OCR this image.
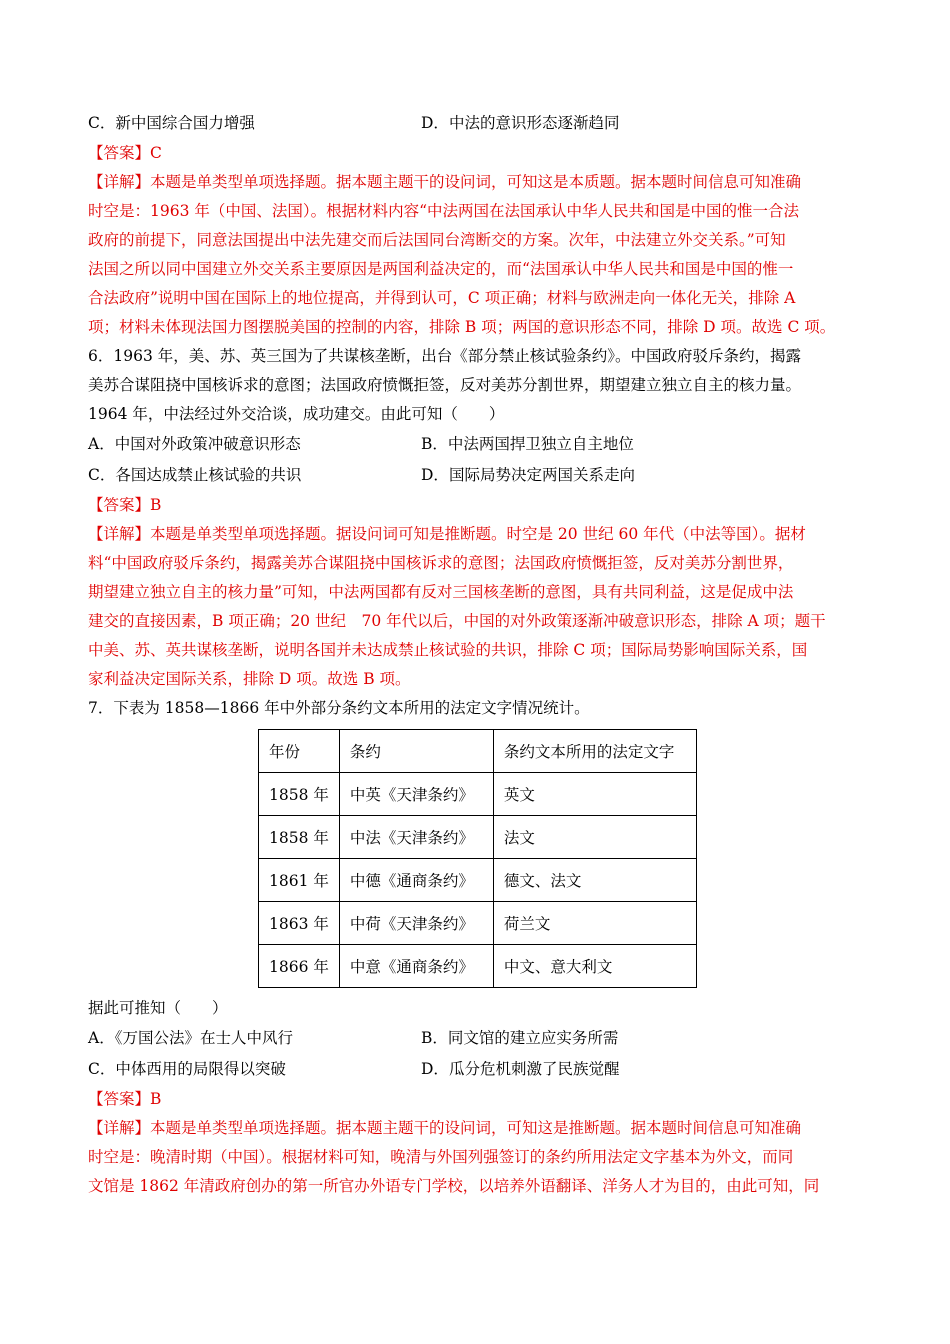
C．新中国综合国力增强	D．中法的意识形态逐渐趋同
【答案】C
【详解】本题是单类型单项选择题。据本题主题干的设问词，可知这是本质题。据本题时间信息可知准确
时空是：1963 年（中国、法国）。根据材料内容“中法两国在法国承认中华人民共和国是中国的惟一合法
政府的前提下，同意法国提出中法先建交而后法国同台湾断交的方案。次年，中法建立外交关系。”可知
法国之所以同中国建立外交关系主要原因是两国利益决定的，而“法国承认中华人民共和国是中国的惟一
合法政府”说明中国在国际上的地位提高，并得到认可，C 项正确；材料与欧洲走向一体化无关，排除 A
项；材料未体现法国力图摆脱美国的控制的内容，排除 B 项；两国的意识形态不同，排除 D 项。故选 C 项。
6．1963 年，美、苏、英三国为了共谋核垄断，出台《部分禁止核试验条约》。中国政府驳斥条约，揭露
美苏合谋阻挠中国核诉求的意图；法国政府愤慨拒签，反对美苏分割世界，期望建立独立自主的核力量。
1964 年，中法经过外交洽谈，成功建交。由此可知（　　）
A．中国对外政策冲破意识形态	B．中法两国捍卫独立自主地位
C．各国达成禁止核试验的共识	D．国际局势决定两国关系走向
【答案】B
【详解】本题是单类型单项选择题。据设问词可知是推断题。时空是 20 世纪 60 年代（中法等国）。据材
料“中国政府驳斥条约，揭露美苏合谋阻挠中国核诉求的意图；法国政府愤慨拒签，反对美苏分割世界，
期望建立独立自主的核力量”可知，中法两国都有反对三国核垄断的意图，具有共同利益，这是促成中法
建交的直接因素，B 项正确；20 世纪　70 年代以后，中国的对外政策逐渐冲破意识形态，排除 A 项；题干
中美、苏、英共谋核垄断，说明各国并未达成禁止核试验的共识，排除 C 项；国际局势影响国际关系，国
家利益决定国际关系，排除 D 项。故选 B 项。
7．下表为 1858—1866 年中外部分条约文本所用的法定文字情况统计。
年份	条约	条约文本所用的法定文字
1858 年	中英《天津条约》	英文
1858 年	中法《天津条约》	法文
1861 年	中德《通商条约》	德文、法文
1863 年	中荷《天津条约》	荷兰文
1866 年	中意《通商条约》	中文、意大利文
据此可推知（　　）
A．《万国公法》在士人中风行	B．同文馆的建立应实务所需
C．中体西用的局限得以突破	D．瓜分危机刺激了民族觉醒
【答案】B
【详解】本题是单类型单项选择题。据本题主题干的设问词，可知这是推断题。据本题时间信息可知准确
时空是：晚清时期（中国）。根据材料可知，晚清与外国列强签订的条约所用法定文字基本为外文，而同
文馆是 1862 年清政府创办的第一所官办外语专门学校，以培养外语翻译、洋务人才为目的，由此可知，同
